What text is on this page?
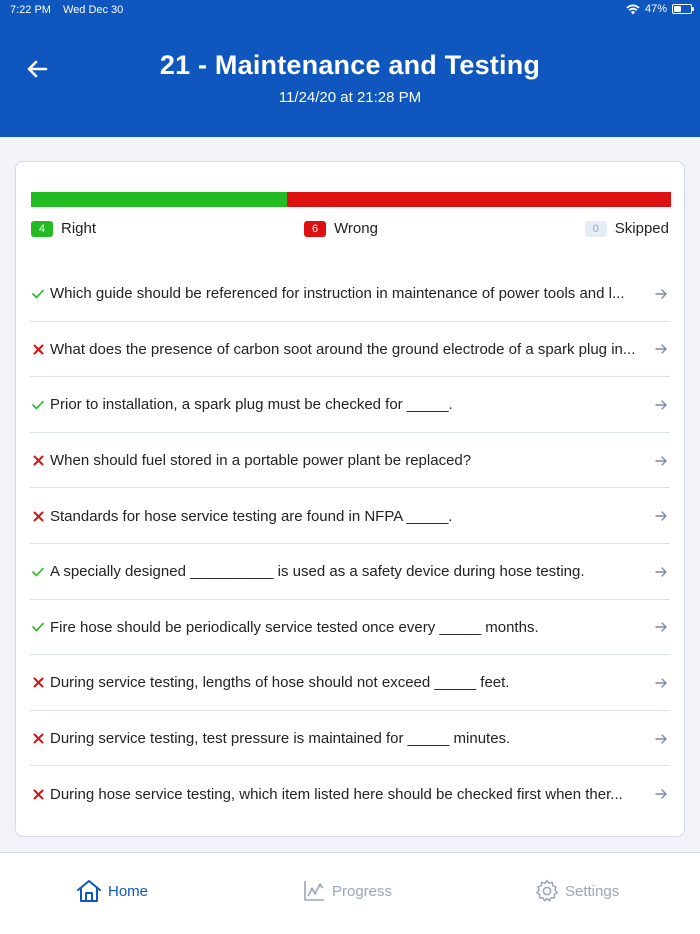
7:22 PM Wed Dec 30	47%
21 - Maintenance and Testing
11/24/20 at 21:28 PM
4	Right	6	Wrong	0	Skipped
Which guide should be referenced for instruction in maintenance of power tools and l...
What does the presence of carbon soot around the ground electrode of a spark plug in...
Prior to installation, a spark plug must be checked for _____.
When should fuel stored in a portable power plant be replaced?
Standards for hose service testing are found in NFPA _____.
A specially designed __________ is used as a safety device during hose testing.
Fire hose should be periodically service tested once every _____ months.
During service testing, lengths of hose should not exceed _____ feet.
During service testing, test pressure is maintained for _____ minutes.
During hose service testing, which item listed here should be checked first when ther...
Home	Progress	Settings
